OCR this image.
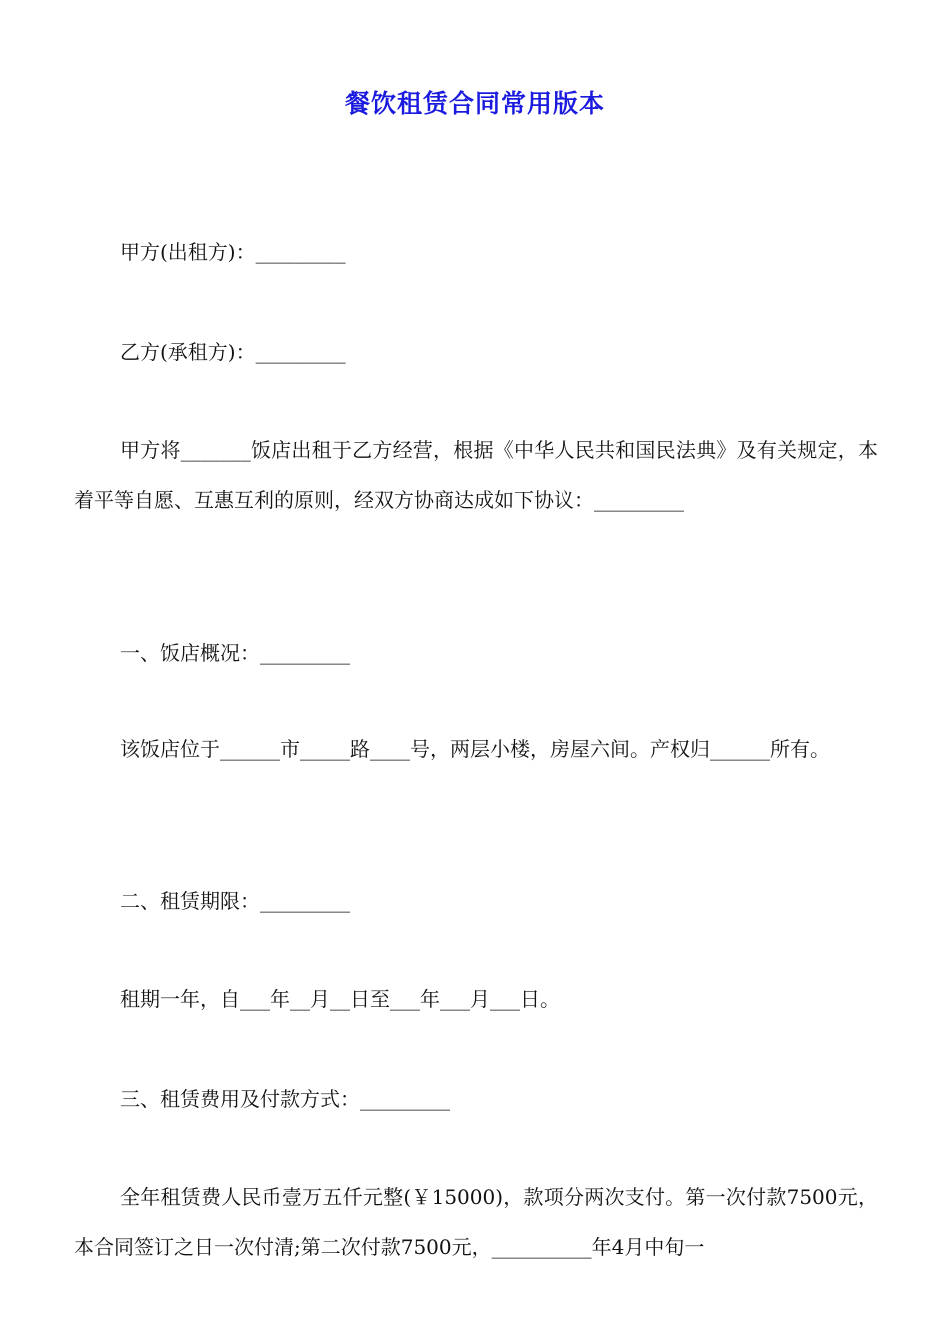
餐饮租赁合同常用版本
甲方(出租方)：_________
乙方(承租方)：_________
甲方将_______饭店出租于乙方经营，根据《中华人民共和国民法典》及有关规定，本着平等自愿、互惠互利的原则，经双方协商达成如下协议：_________
一、饭店概况：_________
该饭店位于______市_____路____号，两层小楼，房屋六间。产权归______所有。
二、租赁期限：_________
租期一年，自___年__月__日至___年___月___日。
三、租赁费用及付款方式：_________
全年租赁费人民币壹万五仟元整(￥15000)，款项分两次支付。第一次付款7500元，本合同签订之日一次付清;第二次付款7500元，__________年4月中旬一
